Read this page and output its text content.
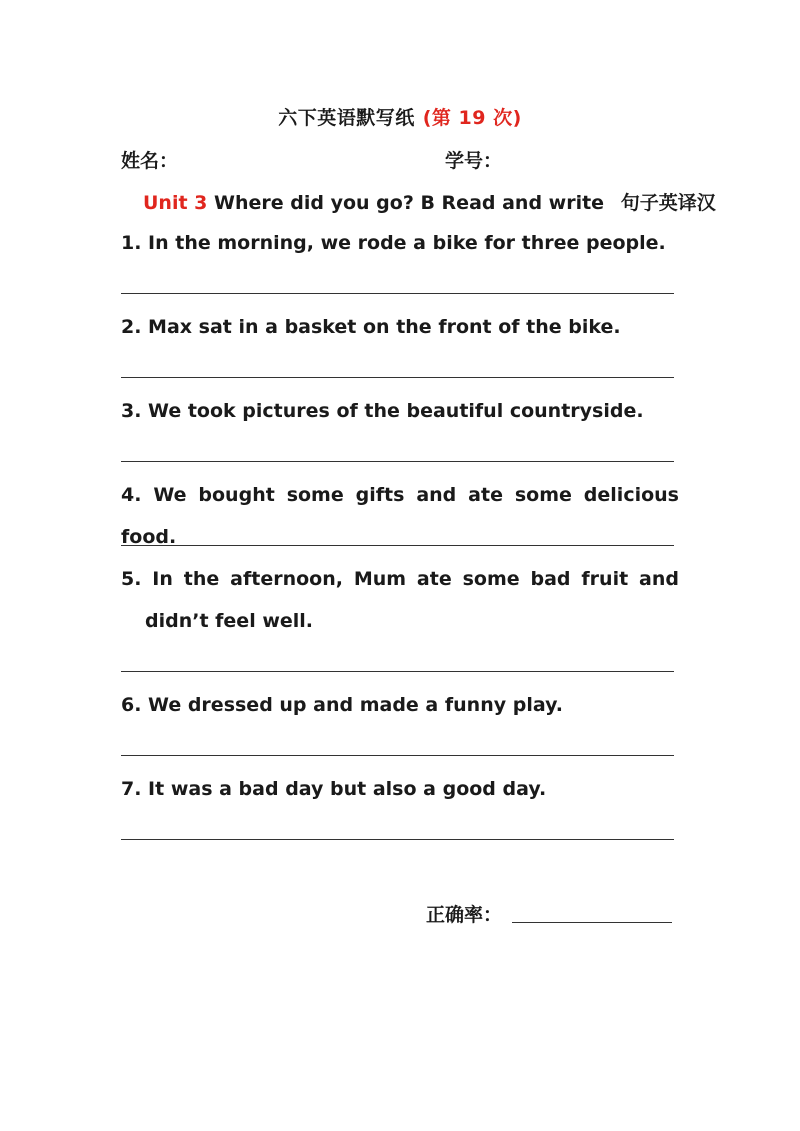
六下英语默写纸 (第 19 次)
姓名：	学号：
Unit 3 Where did you go? B Read and write 句子英译汉
1. In the morning, we rode a bike for three people.
2. Max sat in a basket on the front of the bike.
3. We took pictures of the beautiful countryside.
4. We bought some gifts and ate some delicious food.
5. In the afternoon, Mum ate some bad fruit and didn’t feel well.
6. We dressed up and made a funny play.
7. It was a bad day but also a good day.
正确率：
